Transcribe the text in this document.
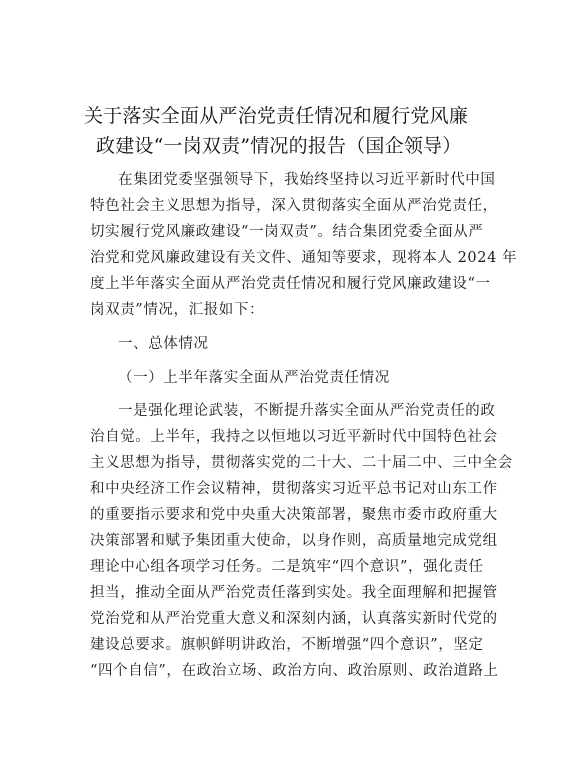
关于落实全面从严治党责任情况和履行党风廉
政建设“一岗双责”情况的报告（国企领导）
在集团党委坚强领导下，我始终坚持以习近平新时代中国
特色社会主义思想为指导，深入贯彻落实全面从严治党责任，
切实履行党风廉政建设“一岗双责”。结合集团党委全面从严
治党和党风廉政建设有关文件、通知等要求，现将本人 2024 年
度上半年落实全面从严治党责任情况和履行党风廉政建设“一
岗双责”情况，汇报如下：
一、总体情况
（一）上半年落实全面从严治党责任情况
一是强化理论武装，不断提升落实全面从严治党责任的政
治自觉。上半年，我持之以恒地以习近平新时代中国特色社会
主义思想为指导，贯彻落实党的二十大、二十届二中、三中全会
和中央经济工作会议精神，贯彻落实习近平总书记对山东工作
的重要指示要求和党中央重大决策部署，聚焦市委市政府重大
决策部署和赋予集团重大使命，以身作则，高质量地完成党组
理论中心组各项学习任务。二是筑牢“四个意识”，强化责任
担当，推动全面从严治党责任落到实处。我全面理解和把握管
党治党和从严治党重大意义和深刻内涵，认真落实新时代党的
建设总要求。旗帜鲜明讲政治，不断增强“四个意识”，坚定
“四个自信”，在政治立场、政治方向、政治原则、政治道路上
